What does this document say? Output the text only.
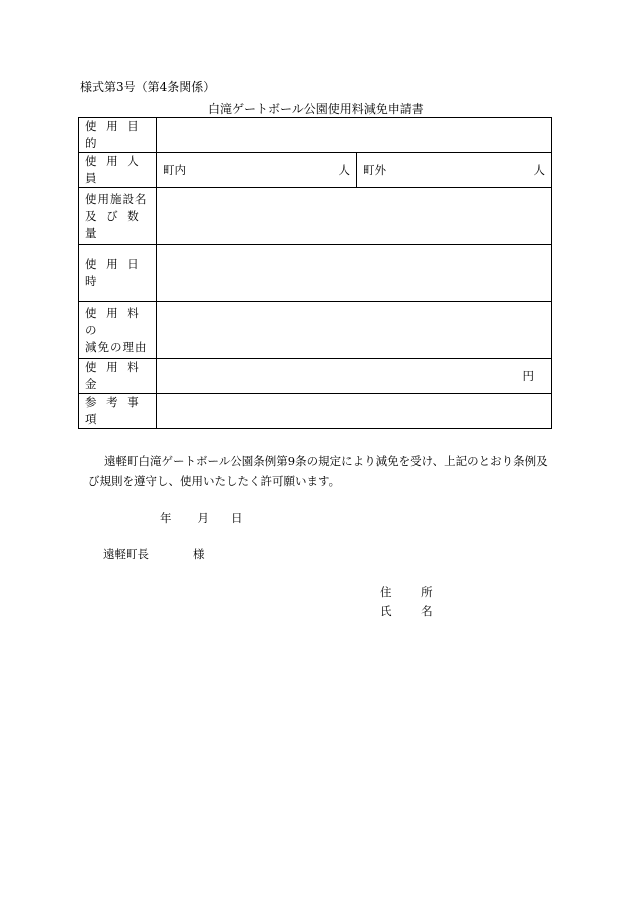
様式第3号（第4条関係）
白滝ゲートボール公園使用料減免申請書
使 用 目 的		
使 用 人 員	町内 人	町外 人

使用施設名
及 び 数 量		

使 用 日 時		

使 用 料 の
減免の理由		

使 用 料 金	円	

参 考 事 項		
遠軽町白滝ゲートボール公園条例第9条の規定により減免を受け、上記のとおり条例及び規則を遵守し、使用いたしたく許可願います。
年 月 日
遠軽町長	様
住 所
氏 名
